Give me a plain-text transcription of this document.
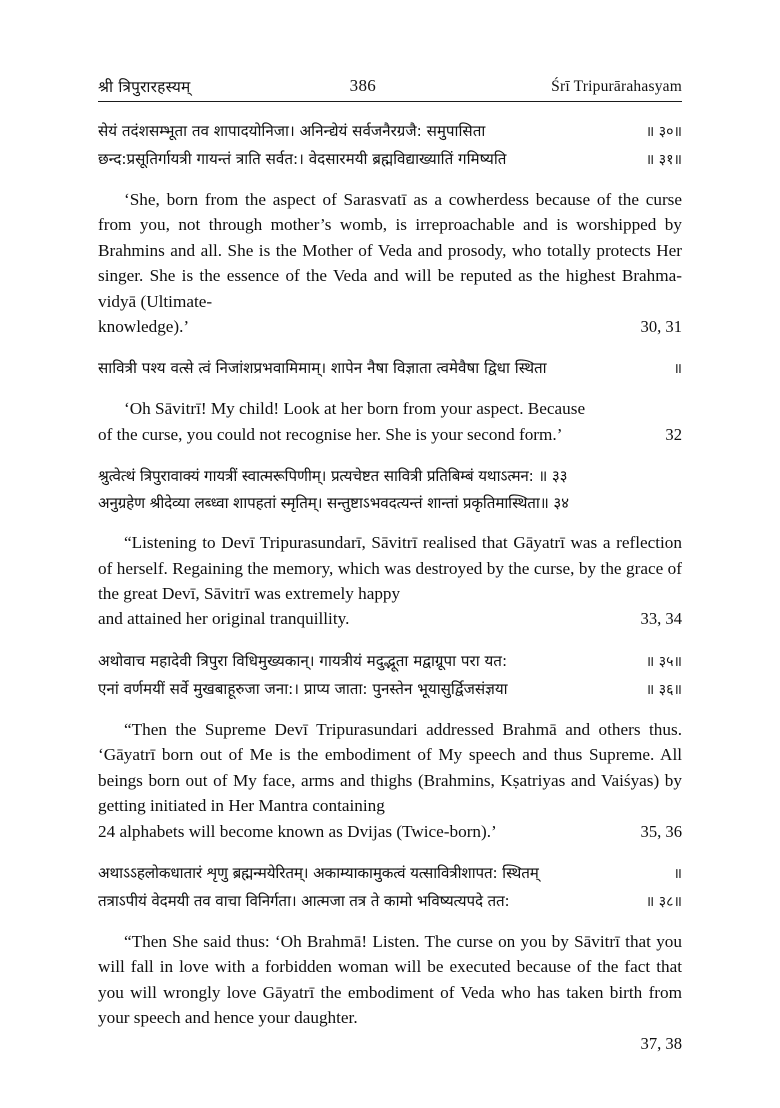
श्री त्रिपुरारहस्यम्	386	Śrī Tripurārahasyam
सेयं तदंशसम्भूता तव शापादयोनिजा। अनिन्द्येयं सर्वजनैरग्रजै: समुपासिता	॥ ३०॥
छन्द:प्रसूतिर्गायत्री गायन्तं त्राति सर्वत:। वेदसारमयी ब्रह्मविद्याख्यातिं गमिष्यति	॥ ३१॥
‘She, born from the aspect of Sarasvatī as a cowherdess because of the curse from you, not through mother’s womb, is irreproachable and is worshipped by Brahmins and all. She is the Mother of Veda and prosody, who totally protects Her singer. She is the essence of the Veda and will be reputed as the highest Brahma-vidyā (Ultimate-
knowledge).’	30, 31
सावित्री पश्य वत्से त्वं निजांशप्रभवामिमाम्। शापेन नैषा विज्ञाता त्वमेवैषा द्विधा स्थिता	॥
‘Oh Sāvitrī! My child! Look at her born from your aspect. Because
of the curse, you could not recognise her. She is your second form.’	32
श्रुत्वेत्थं त्रिपुरावाक्यं गायत्रीं स्वात्मरूपिणीम्। प्रत्यचेष्टत सावित्री प्रतिबिम्बं यथाऽत्मन: ॥ ३३
अनुग्रहेण श्रीदेव्या लब्ध्वा शापहतां स्मृतिम्। सन्तुष्टाऽभवदत्यन्तं शान्तां प्रकृतिमास्थिता॥ ३४
“Listening to Devī Tripurasundarī, Sāvitrī realised that Gāyatrī was a reflection of herself. Regaining the memory, which was destroyed by the curse, by the grace of the great Devī, Sāvitrī was extremely happy
and attained her original tranquillity.	33, 34
अथोवाच महादेवी त्रिपुरा विधिमुख्यकान्। गायत्रीयं मदुद्भूता मद्वाग्रूपा परा यत:	॥ ३५॥
एनां वर्णमयीं सर्वे मुखबाहूरुजा जना:। प्राप्य जाता: पुनस्तेन भूयासुर्द्विजसंज्ञया	॥ ३६॥
“Then the Supreme Devī Tripurasundari addressed Brahmā and others thus. ‘Gāyatrī born out of Me is the embodiment of My speech and thus Supreme. All beings born out of My face, arms and thighs (Brahmins, Kṣatriyas and Vaiśyas) by getting initiated in Her Mantra containing
24 alphabets will become known as Dvijas (Twice-born).’	35, 36
अथाऽऽहलोकधातारं शृणु ब्रह्मन्मयेरितम्। अकाम्याकामुकत्वं यत्सावित्रीशापत: स्थितम्	॥
तत्राऽपीयं वेदमयी तव वाचा विनिर्गता। आत्मजा तत्र ते कामो भविष्यत्यपदे तत:	॥ ३८॥
“Then She said thus: ‘Oh Brahmā! Listen. The curse on you by Sāvitrī that you will fall in love with a forbidden woman will be executed because of the fact that you will wrongly love Gāyatrī the embodiment of Veda who has taken birth from your speech and hence your daughter.
37, 38
